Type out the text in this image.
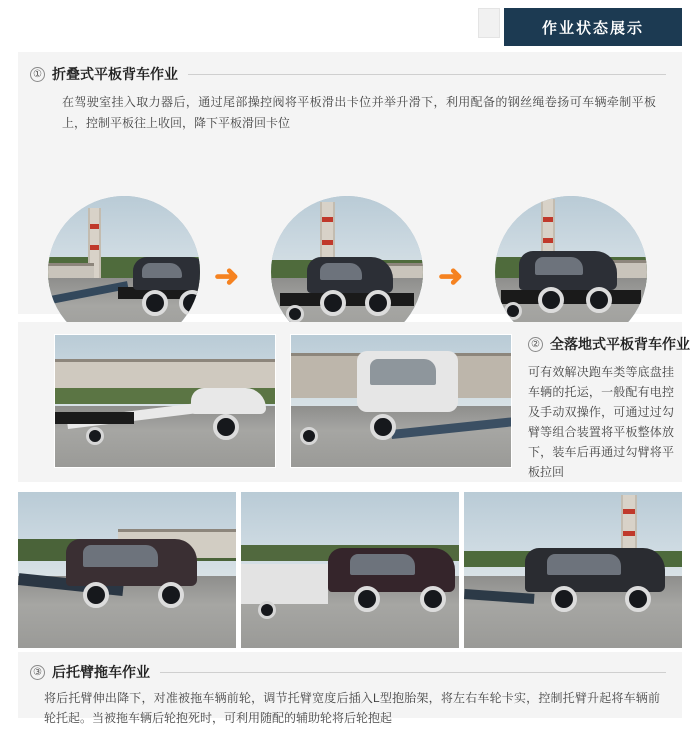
作业状态展示
① 折叠式平板背车作业
在驾驶室挂入取力器后，通过尾部操控阀将平板滑出卡位并举升滑下，利用配备的钢丝绳卷扬可车辆牵制平板上，控制平板往上收回，降下平板滑回卡位
➜	➜
② 全落地式平板背车作业
可有效解决跑车类等底盘挂车辆的托运，一般配有电控及手动双操作，可通过过勾臂等组合装置将平板整体放下，装车后再通过勾臂将平板拉回
③ 后托臂拖车作业
将后托臂伸出降下，对准被拖车辆前轮，调节托臂宽度后插入L型抱胎架，将左右车轮卡实，控制托臂升起将车辆前轮托起。当被拖车辆后轮抱死时，可利用随配的辅助轮将后轮抱起
